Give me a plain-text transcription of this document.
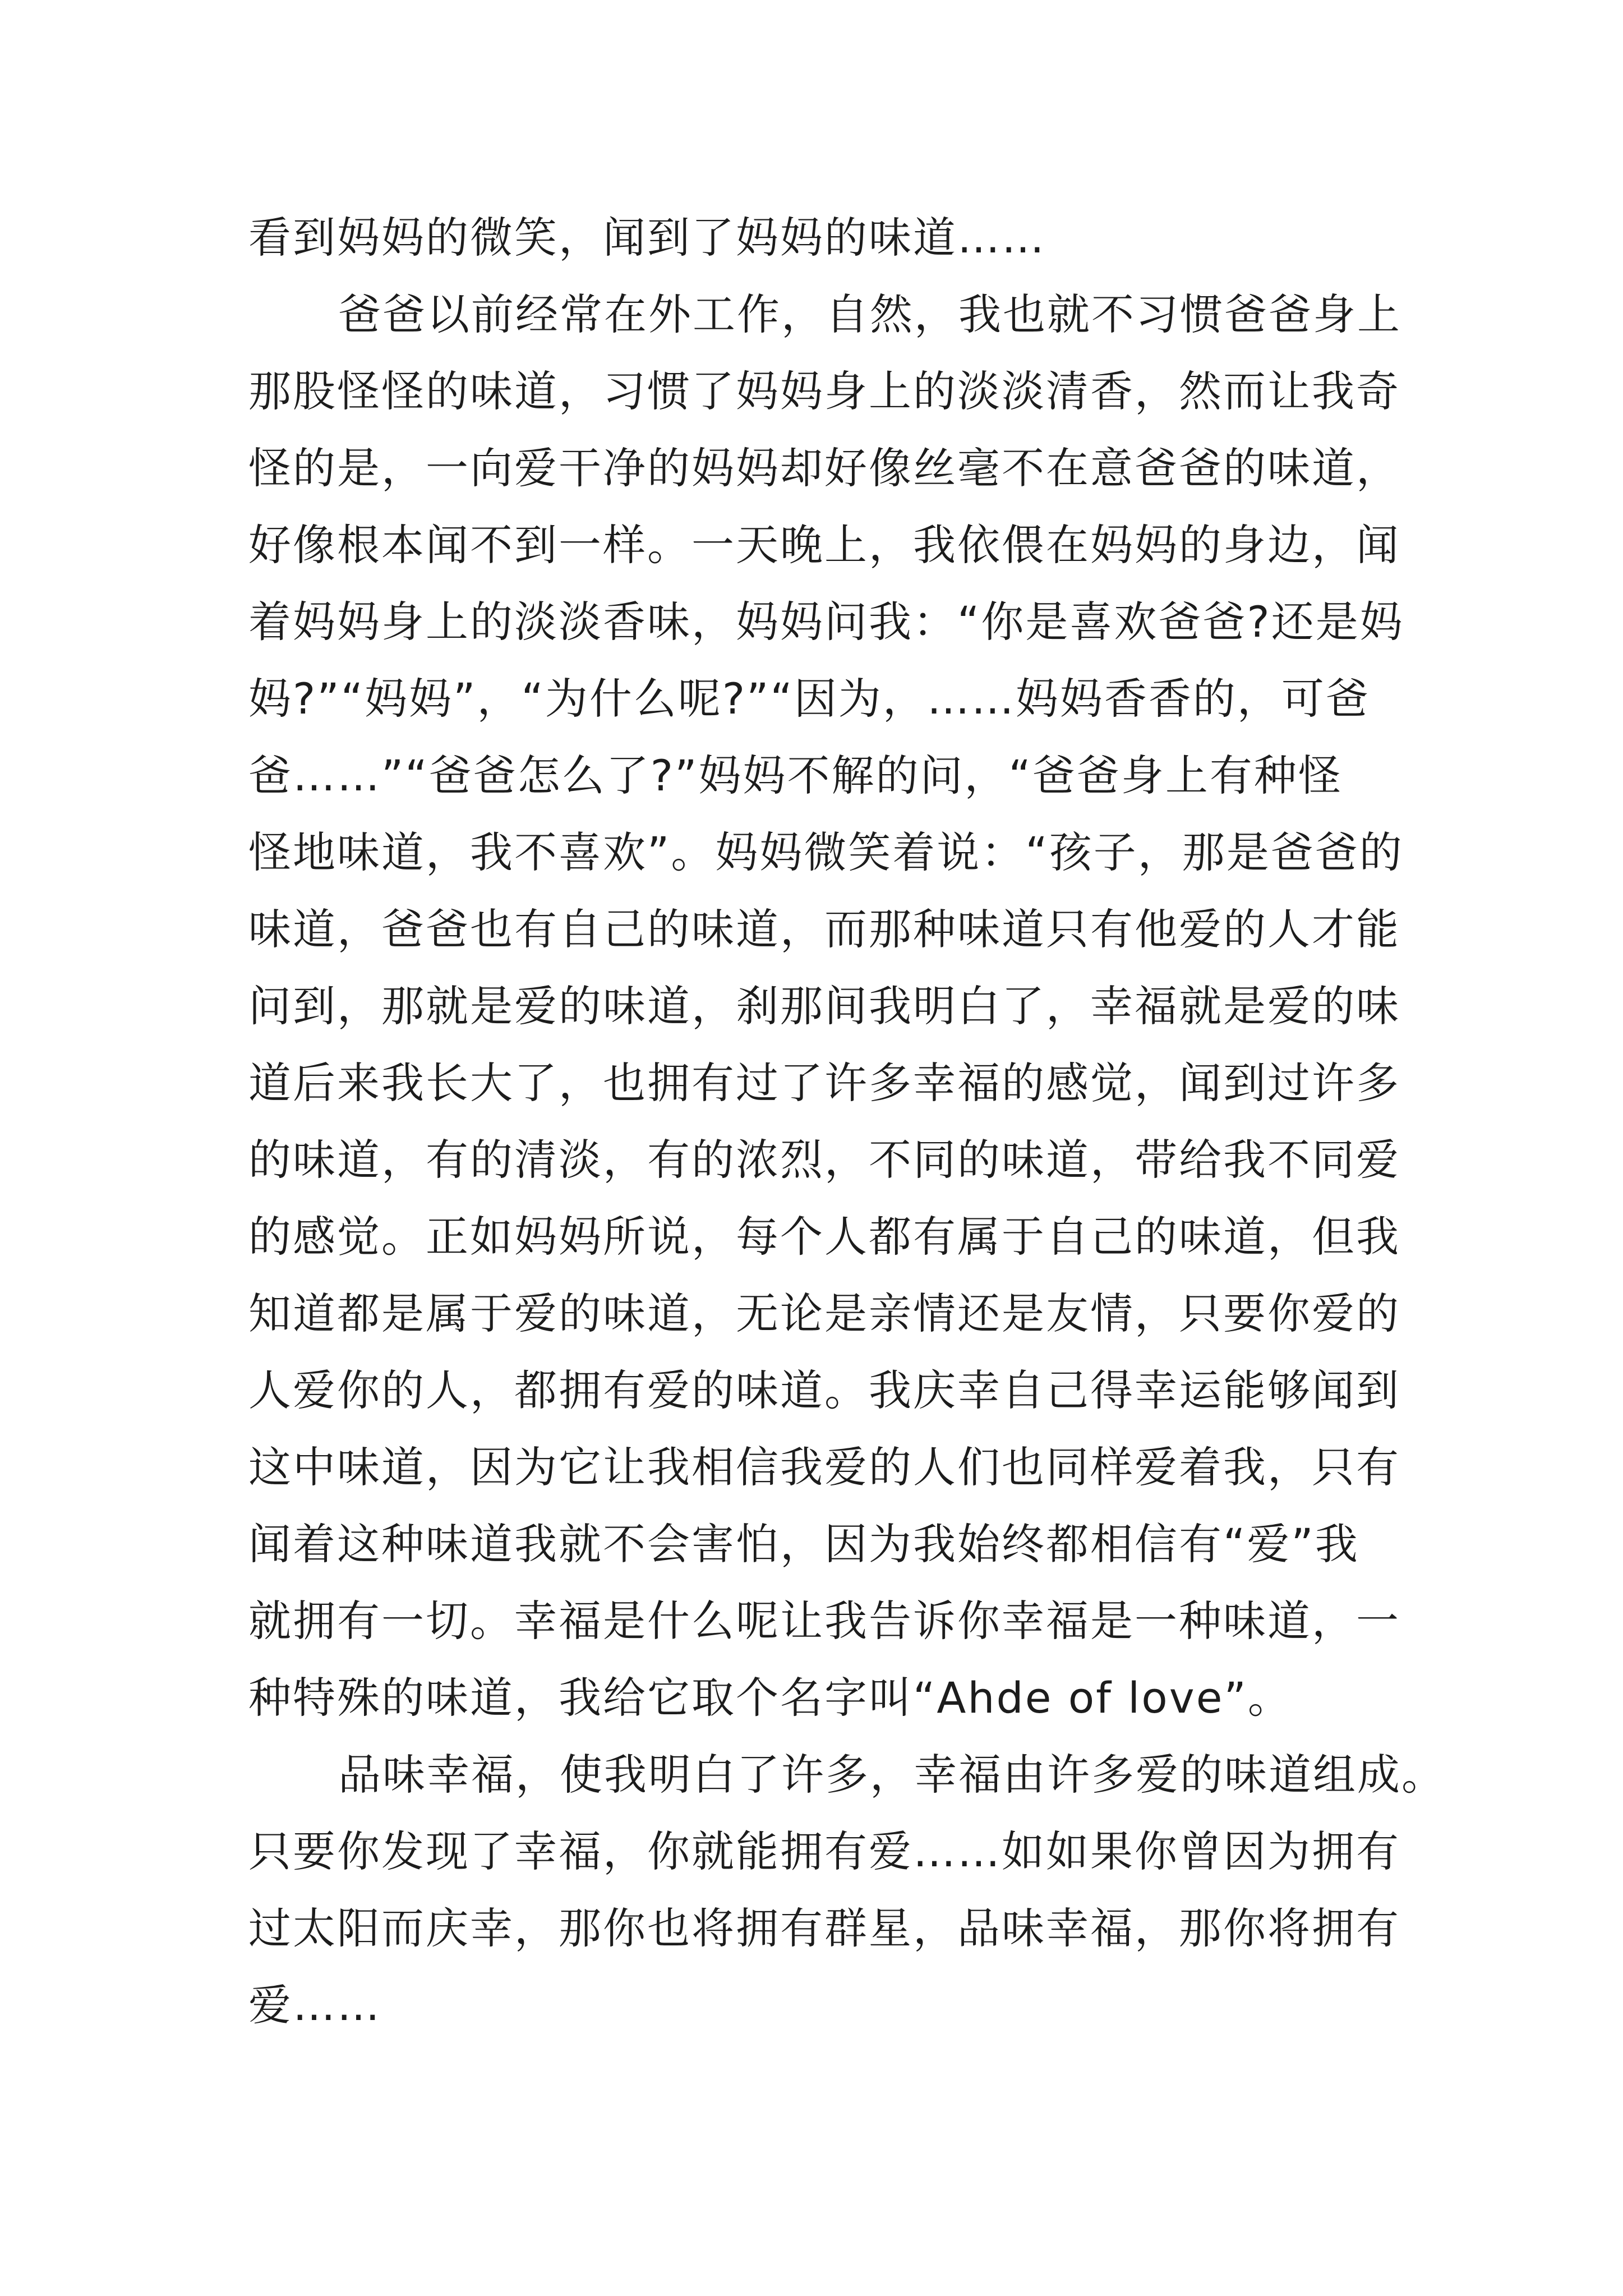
看到妈妈的微笑，闻到了妈妈的味道……
爸爸以前经常在外工作，自然，我也就不习惯爸爸身上
那股怪怪的味道，习惯了妈妈身上的淡淡清香，然而让我奇
怪的是，一向爱干净的妈妈却好像丝毫不在意爸爸的味道，
好像根本闻不到一样。一天晚上，我依偎在妈妈的身边，闻
着妈妈身上的淡淡香味，妈妈问我：“你是喜欢爸爸?还是妈
妈?”“妈妈”，“为什么呢?”“因为，……妈妈香香的，可爸
爸……”“爸爸怎么了?”妈妈不解的问，“爸爸身上有种怪
怪地味道，我不喜欢”。妈妈微笑着说：“孩子，那是爸爸的
味道，爸爸也有自己的味道，而那种味道只有他爱的人才能
问到，那就是爱的味道，刹那间我明白了，幸福就是爱的味
道后来我长大了，也拥有过了许多幸福的感觉，闻到过许多
的味道，有的清淡，有的浓烈，不同的味道，带给我不同爱
的感觉。正如妈妈所说，每个人都有属于自己的味道，但我
知道都是属于爱的味道，无论是亲情还是友情，只要你爱的
人爱你的人，都拥有爱的味道。我庆幸自己得幸运能够闻到
这中味道，因为它让我相信我爱的人们也同样爱着我，只有
闻着这种味道我就不会害怕，因为我始终都相信有“爱”我
就拥有一切。幸福是什么呢让我告诉你幸福是一种味道，一
种特殊的味道，我给它取个名字叫“Ahde of love”。
品味幸福，使我明白了许多，幸福由许多爱的味道组成。
只要你发现了幸福，你就能拥有爱……如如果你曾因为拥有
过太阳而庆幸，那你也将拥有群星，品味幸福，那你将拥有
爱……
